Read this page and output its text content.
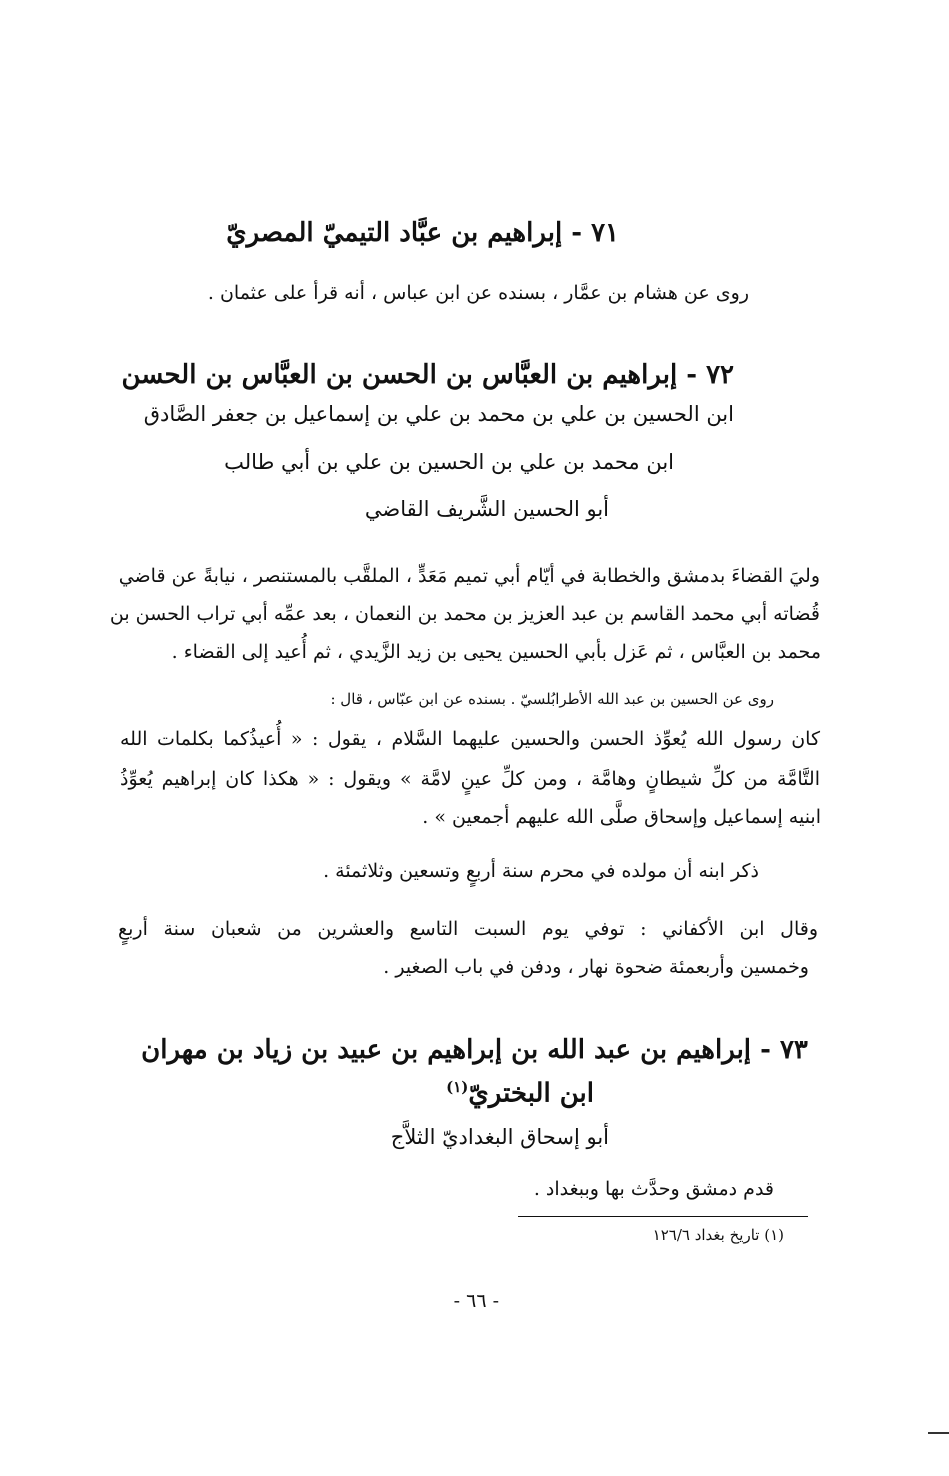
٧١ - إبراهيم بن عبَّاد التيميّ المصريّ
روى عن هشام بن عمَّار ، بسنده عن ابن عباس ، أنه قرأ على عثمان .
٧٢ - إبراهيم بن العبَّاس بن الحسن بن العبَّاس بن الحسن
ابن الحسين بن علي بن محمد بن علي بن إسماعيل بن جعفر الصَّادق
ابن محمد بن علي بن الحسين بن علي بن أبي طالب
أبو الحسين الشَّريف القاضي
وليَ القضاءَ بدمشق والخطابة في أيّام أبي تميم مَعَدٍّ ، الملقَّب بالمستنصر ، نيابةً عن قاضي
قُضاته أبي محمد القاسم بن عبد العزيز بن محمد بن النعمان ، بعد عمِّه أبي تراب الحسن بن
محمد بن العبَّاس ، ثم عَزل بأبي الحسين يحيى بن زيد الزَّيدي ، ثم أُعيد إلى القضاء .
روى عن الحسين بن عبد الله الأطرابُلسيّ . بسنده عن ابن عبّاس ، قال :
كان رسول الله يُعوِّذ الحسن والحسين عليهما السَّلام ، يقول : « أُعيذُكما بكلمات الله
التَّامَّة من كلِّ شيطانٍ وهامَّة ، ومن كلِّ عينٍ لامَّة » ويقول : « هكذا كان إبراهيم يُعوِّذُ
ابنيه إسماعيل وإسحاق صلَّى الله عليهم أجمعين » .
ذكر ابنه أن مولده في محرم سنة أربعٍ وتسعين وثلاثمئة .
وقال ابن الأكفاني : توفي يوم السبت التاسع والعشرين من شعبان سنة أربعٍ
وخمسين وأربعمئة ضحوة نهار ، ودفن في باب الصغير .
٧٣ - إبراهيم بن عبد الله بن إبراهيم بن عبيد بن زياد بن مهران
ابن البختريّ$^{(١)}$
أبو إسحاق البغداديّ الثلاَّج
قدم دمشق وحدَّث بها وببغداد .
(١) تاريخ بغداد ١٢٦/٦
- ٦٦ -
